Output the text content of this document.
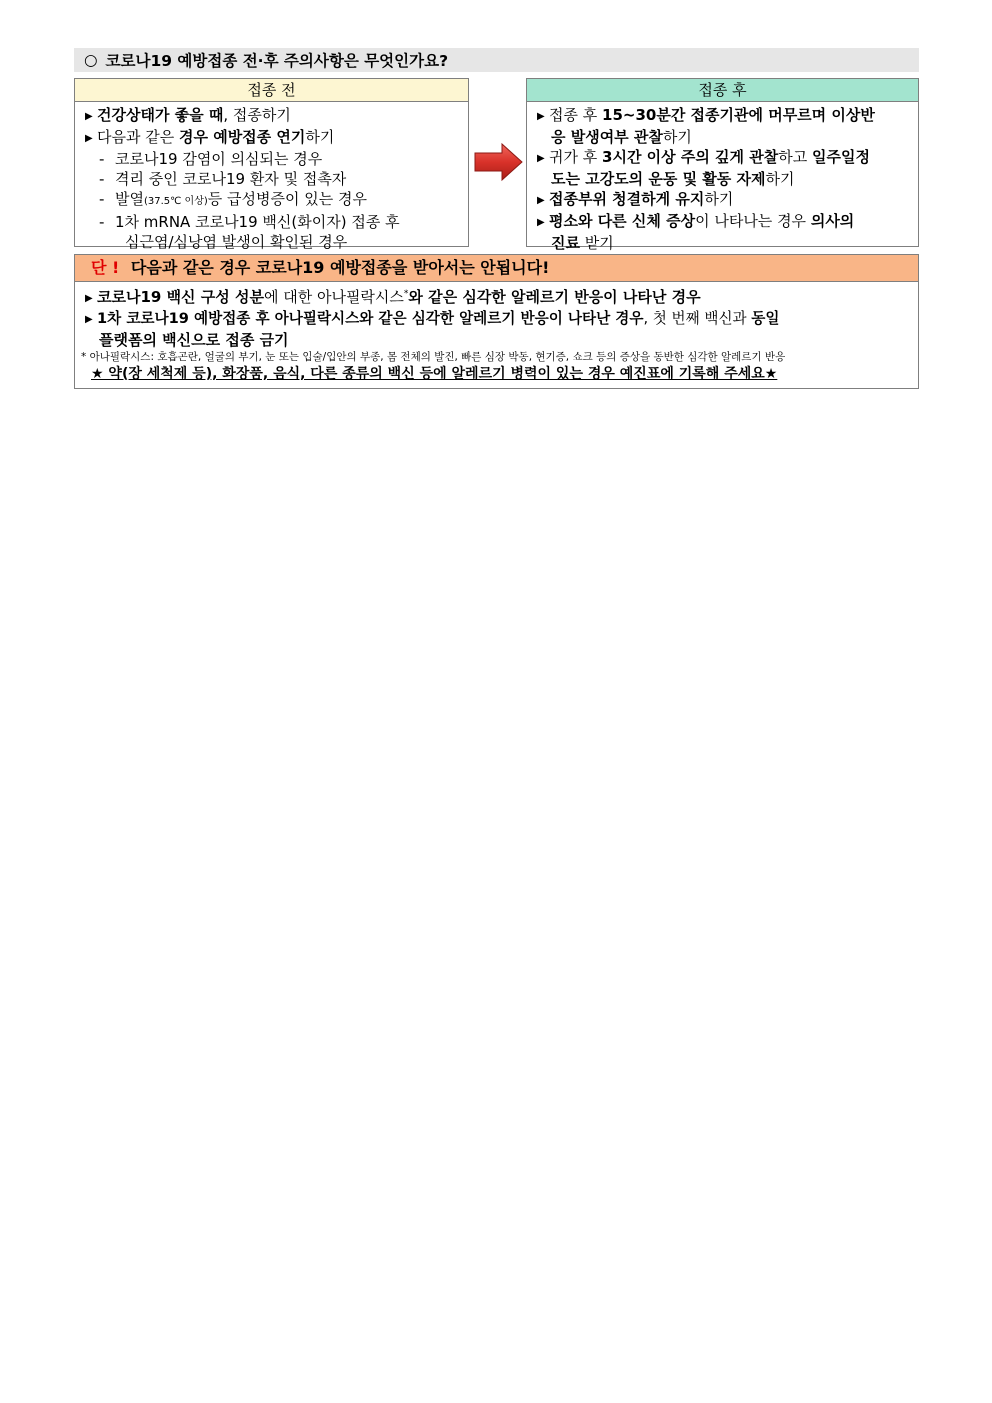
○ 코로나19 예방접종 전·후 주의사항은 무엇인가요?
접종 전
▶ 건강상태가 좋을 때, 접종하기
▶ 다음과 같은 경우 예방접종 연기하기
- 코로나19 감염이 의심되는 경우
- 격리 중인 코로나19 환자 및 접촉자
- 발열(37.5℃ 이상)등 급성병증이 있는 경우
- 1차 mRNA 코로나19 백신(화이자) 접종 후
심근염/심낭염 발생이 확인된 경우
접종 후
▶ 접종 후 15~30분간 접종기관에 머무르며 이상반
응 발생여부 관찰하기
▶ 귀가 후 3시간 이상 주의 깊게 관찰하고 일주일정
도는 고강도의 운동 및 활동 자제하기
▶ 접종부위 청결하게 유지하기
▶ 평소와 다른 신체 증상이 나타나는 경우 의사의
진료 받기
단 ! 다음과 같은 경우 코로나19 예방접종을 받아서는 안됩니다!
▶ 코로나19 백신 구성 성분에 대한 아나필락시스*와 같은 심각한 알레르기 반응이 나타난 경우
▶ 1차 코로나19 예방접종 후 아나필락시스와 같은 심각한 알레르기 반응이 나타난 경우, 첫 번째 백신과 동일
플랫폼의 백신으로 접종 금기
* 아나필락시스: 호흡곤란, 얼굴의 부기, 눈 또는 입술/입안의 부종, 몸 전체의 발진, 빠른 심장 박동, 현기증, 쇼크 등의 증상을 동반한 심각한 알레르기 반응
★ 약(장 세척제 등), 화장품, 음식, 다른 종류의 백신 등에 알레르기 병력이 있는 경우 예진표에 기록해 주세요★
